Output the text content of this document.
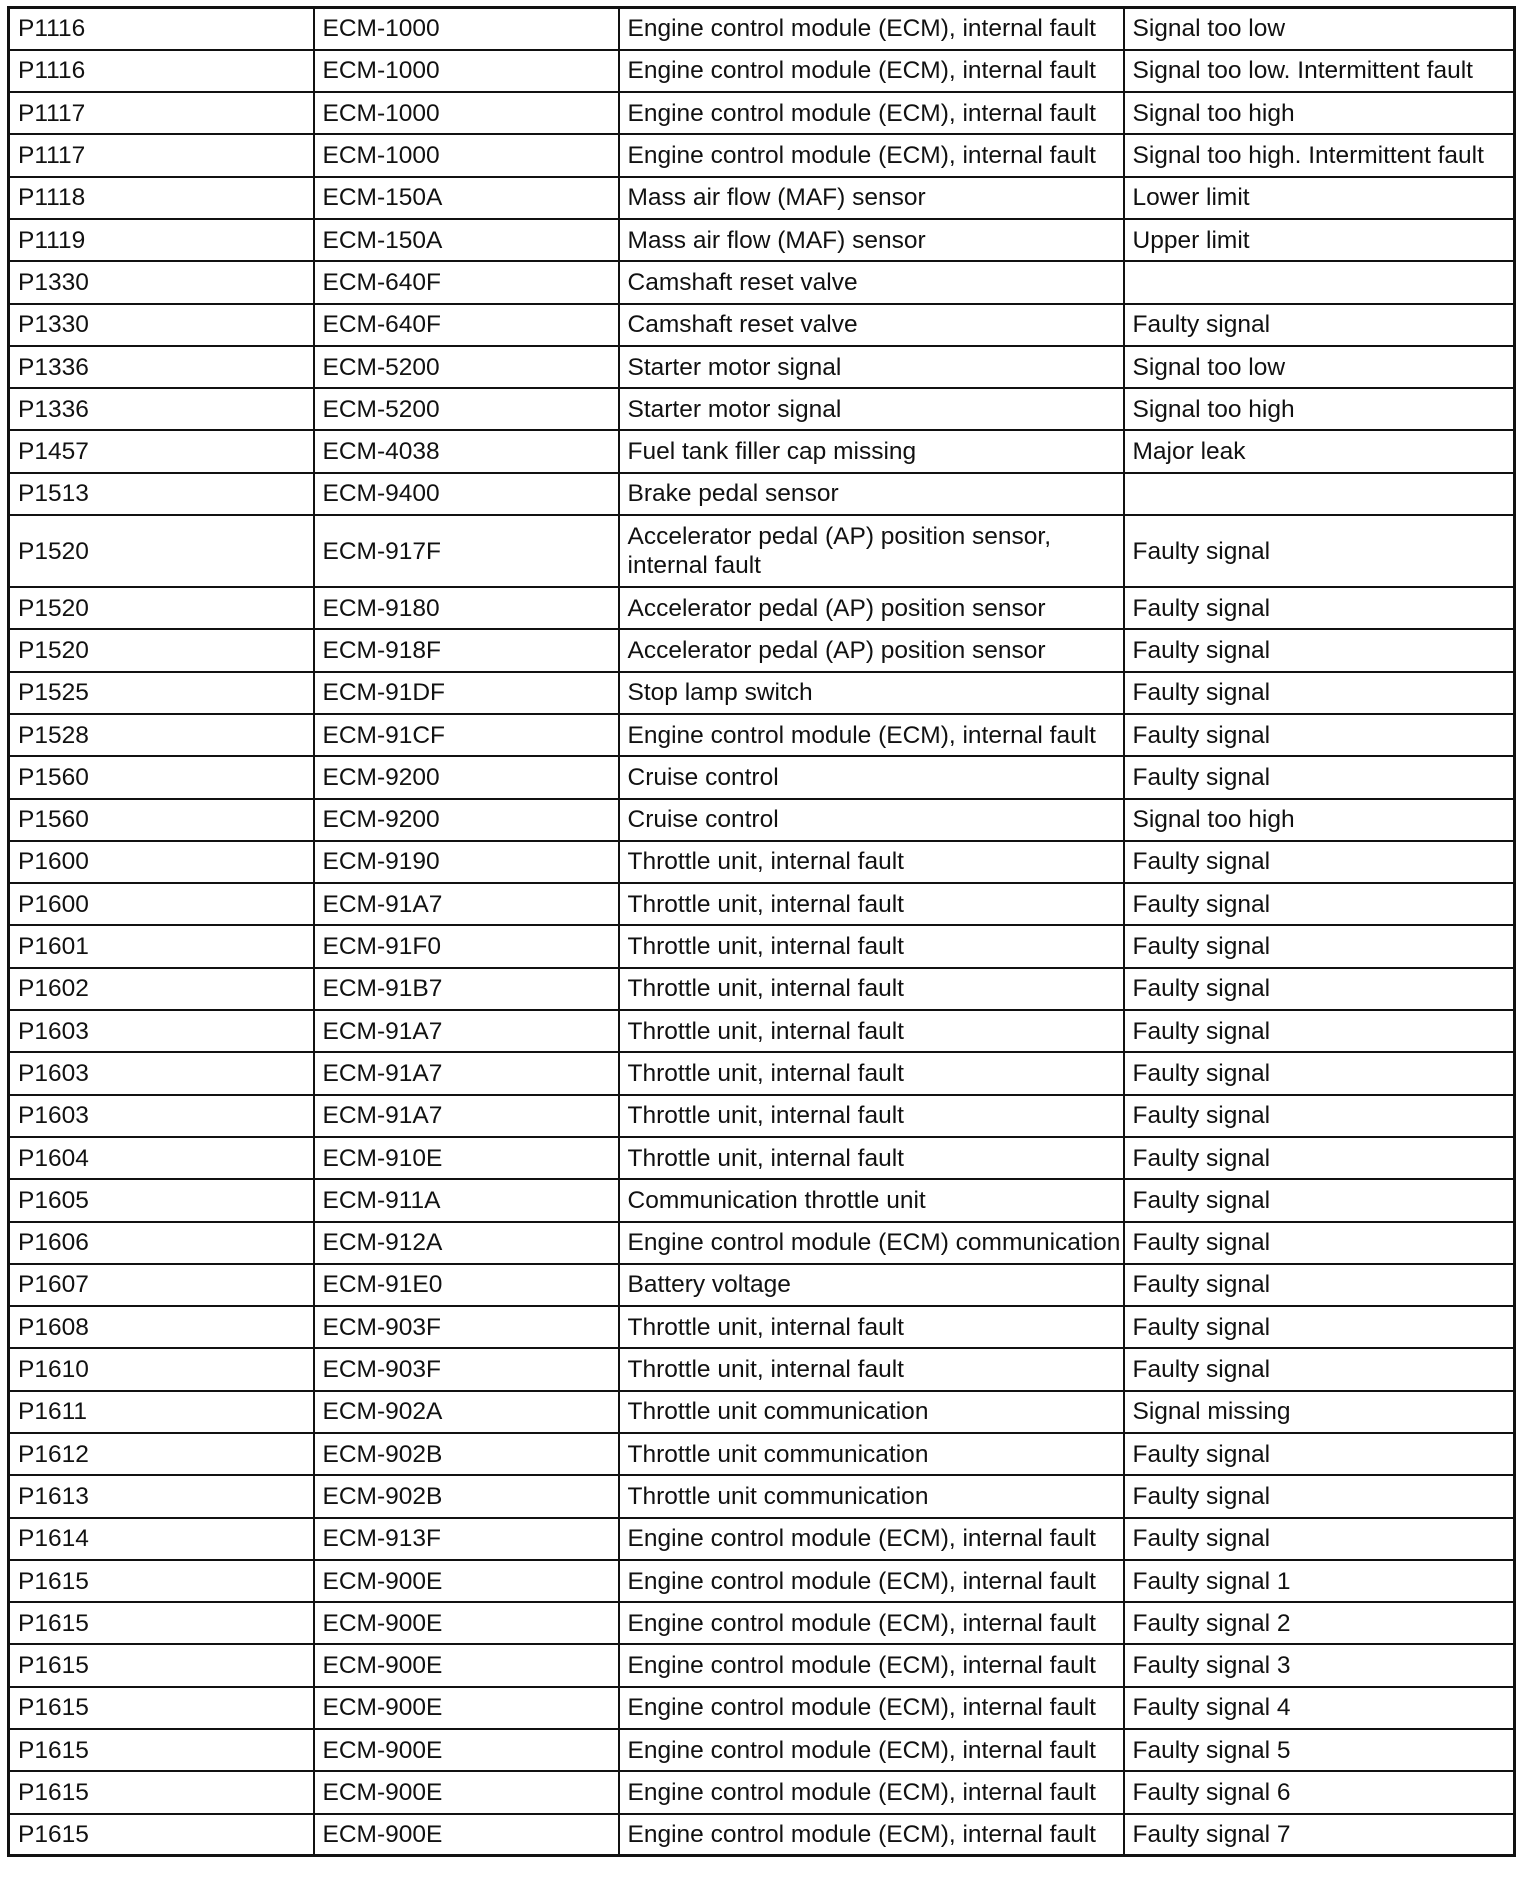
P1116	ECM-1000	Engine control module (ECM), internal fault	Signal too low
P1116	ECM-1000	Engine control module (ECM), internal fault	Signal too low. Intermittent fault
P1117	ECM-1000	Engine control module (ECM), internal fault	Signal too high
P1117	ECM-1000	Engine control module (ECM), internal fault	Signal too high. Intermittent fault
P1118	ECM-150A	Mass air flow (MAF) sensor	Lower limit
P1119	ECM-150A	Mass air flow (MAF) sensor	Upper limit
P1330	ECM-640F	Camshaft reset valve	
P1330	ECM-640F	Camshaft reset valve	Faulty signal
P1336	ECM-5200	Starter motor signal	Signal too low
P1336	ECM-5200	Starter motor signal	Signal too high
P1457	ECM-4038	Fuel tank filler cap missing	Major leak
P1513	ECM-9400	Brake pedal sensor	
P1520	ECM-917F	Accelerator pedal (AP) position sensor, internal fault	Faulty signal
P1520	ECM-9180	Accelerator pedal (AP) position sensor	Faulty signal
P1520	ECM-918F	Accelerator pedal (AP) position sensor	Faulty signal
P1525	ECM-91DF	Stop lamp switch	Faulty signal
P1528	ECM-91CF	Engine control module (ECM), internal fault	Faulty signal
P1560	ECM-9200	Cruise control	Faulty signal
P1560	ECM-9200	Cruise control	Signal too high
P1600	ECM-9190	Throttle unit, internal fault	Faulty signal
P1600	ECM-91A7	Throttle unit, internal fault	Faulty signal
P1601	ECM-91F0	Throttle unit, internal fault	Faulty signal
P1602	ECM-91B7	Throttle unit, internal fault	Faulty signal
P1603	ECM-91A7	Throttle unit, internal fault	Faulty signal
P1603	ECM-91A7	Throttle unit, internal fault	Faulty signal
P1603	ECM-91A7	Throttle unit, internal fault	Faulty signal
P1604	ECM-910E	Throttle unit, internal fault	Faulty signal
P1605	ECM-911A	Communication throttle unit	Faulty signal
P1606	ECM-912A	Engine control module (ECM) communication	Faulty signal
P1607	ECM-91E0	Battery voltage	Faulty signal
P1608	ECM-903F	Throttle unit, internal fault	Faulty signal
P1610	ECM-903F	Throttle unit, internal fault	Faulty signal
P1611	ECM-902A	Throttle unit communication	Signal missing
P1612	ECM-902B	Throttle unit communication	Faulty signal
P1613	ECM-902B	Throttle unit communication	Faulty signal
P1614	ECM-913F	Engine control module (ECM), internal fault	Faulty signal
P1615	ECM-900E	Engine control module (ECM), internal fault	Faulty signal 1
P1615	ECM-900E	Engine control module (ECM), internal fault	Faulty signal 2
P1615	ECM-900E	Engine control module (ECM), internal fault	Faulty signal 3
P1615	ECM-900E	Engine control module (ECM), internal fault	Faulty signal 4
P1615	ECM-900E	Engine control module (ECM), internal fault	Faulty signal 5
P1615	ECM-900E	Engine control module (ECM), internal fault	Faulty signal 6
P1615	ECM-900E	Engine control module (ECM), internal fault	Faulty signal 7
